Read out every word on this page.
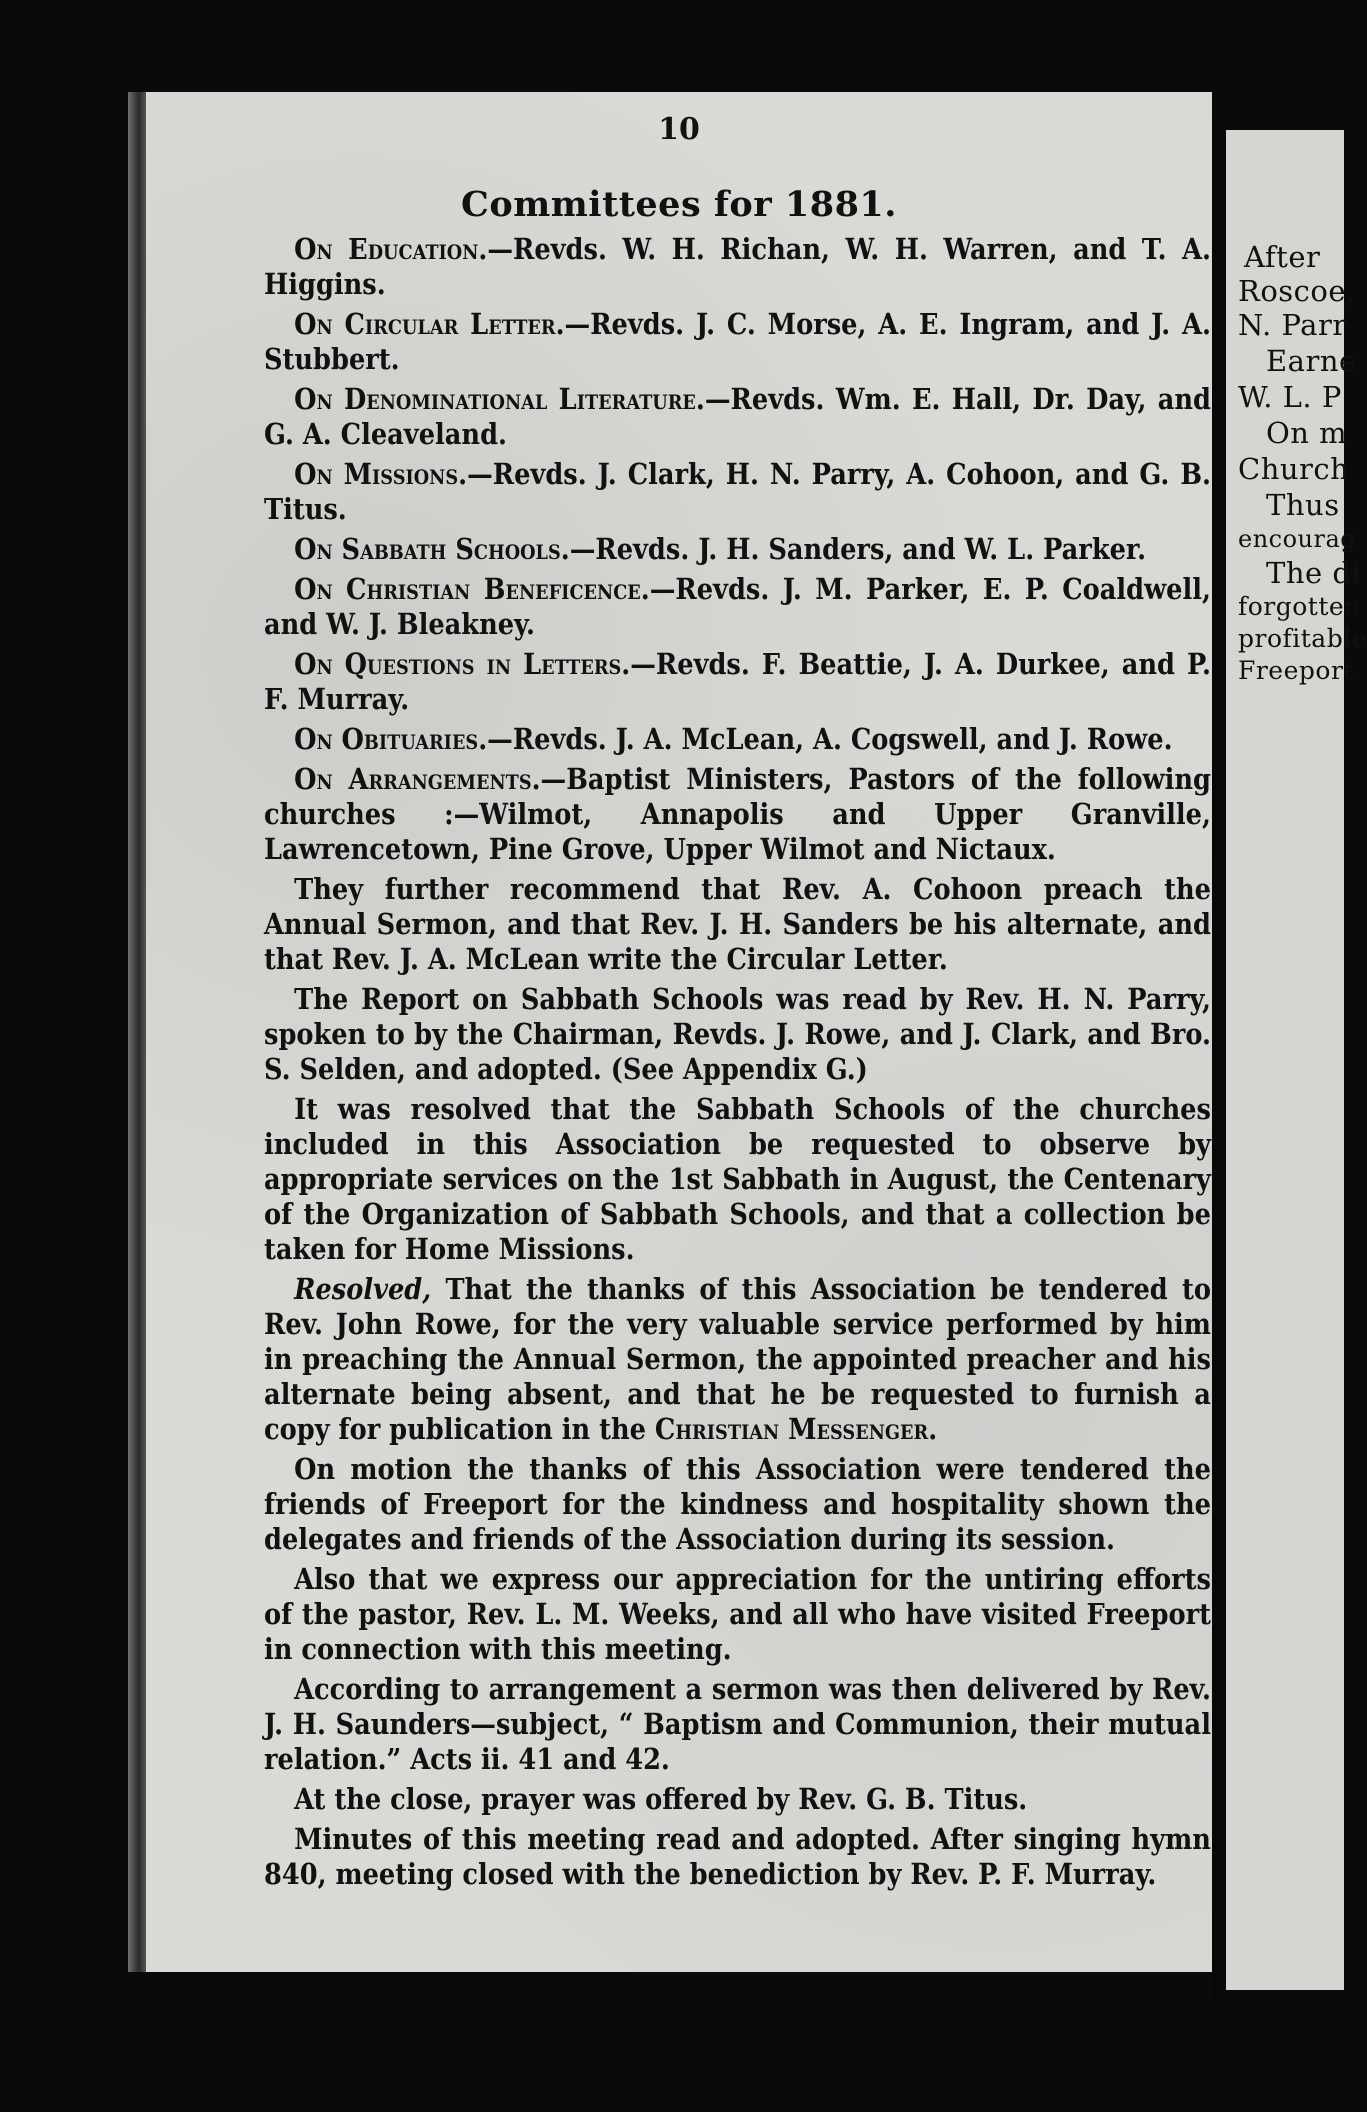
10
Committees for 1881.

On Education.—Revds. W. H. Richan, W. H. Warren, and T. A. Higgins.

On Circular Letter.—Revds. J. C. Morse, A. E. Ingram, and J. A. Stubbert.

On Denominational Literature.—Revds. Wm. E. Hall, Dr. Day, and G. A. Cleaveland.

On Missions.—Revds. J. Clark, H. N. Parry, A. Cohoon, and G. B. Titus.

On Sabbath Schools.—Revds. J. H. Sanders, and W. L. Parker.

On Christian Beneficence.—Revds. J. M. Parker, E. P. Coaldwell, and W. J. Bleakney.

On Questions in Letters.—Revds. F. Beattie, J. A. Durkee, and P. F. Murray.

On Obituaries.—Revds. J. A. McLean, A. Cogswell, and J. Rowe.

On Arrangements.—Baptist Ministers, Pastors of the following churches :—Wilmot, Annapolis and Upper Granville, Lawrencetown, Pine Grove, Upper Wilmot and Nictaux.

They further recommend that Rev. A. Cohoon preach the Annual Sermon, and that Rev. J. H. Sanders be his alternate, and that Rev. J. A. McLean write the Circular Letter.

The Report on Sabbath Schools was read by Rev. H. N. Parry, spoken to by the Chairman, Revds. J. Rowe, and J. Clark, and Bro. S. Selden, and adopted. (See Appendix G.)

It was resolved that the Sabbath Schools of the churches included in this Association be requested to observe by appropriate services on the 1st Sabbath in August, the Centenary of the Organization of Sabbath Schools, and that a collection be taken for Home Missions.

Resolved, That the thanks of this Association be tendered to Rev. John Rowe, for the very valuable service performed by him in preaching the Annual Sermon, the appointed preacher and his alternate being absent, and that he be requested to furnish a copy for publication in the Christian Messenger.

On motion the thanks of this Association were tendered the friends of Freeport for the kindness and hospitality shown the delegates and friends of the Association during its session.

Also that we express our appreciation for the untiring efforts of the pastor, Rev. L. M. Weeks, and all who have visited Freeport in connection with this meeting.

According to arrangement a sermon was then delivered by Rev. J. H. Saunders—subject, “ Baptism and Communion, their mutual relation.” Acts ii. 41 and 42.

At the close, prayer was offered by Rev. G. B. Titus.

Minutes of this meeting read and adopted. After singing hymn 840, meeting closed with the benediction by Rev. P. F. Murray.

After
Roscoe,
N. Parr
Earne
W. L. P
On m
Church
Thus
encourag
The di
forgotten
profitable
Freeport
